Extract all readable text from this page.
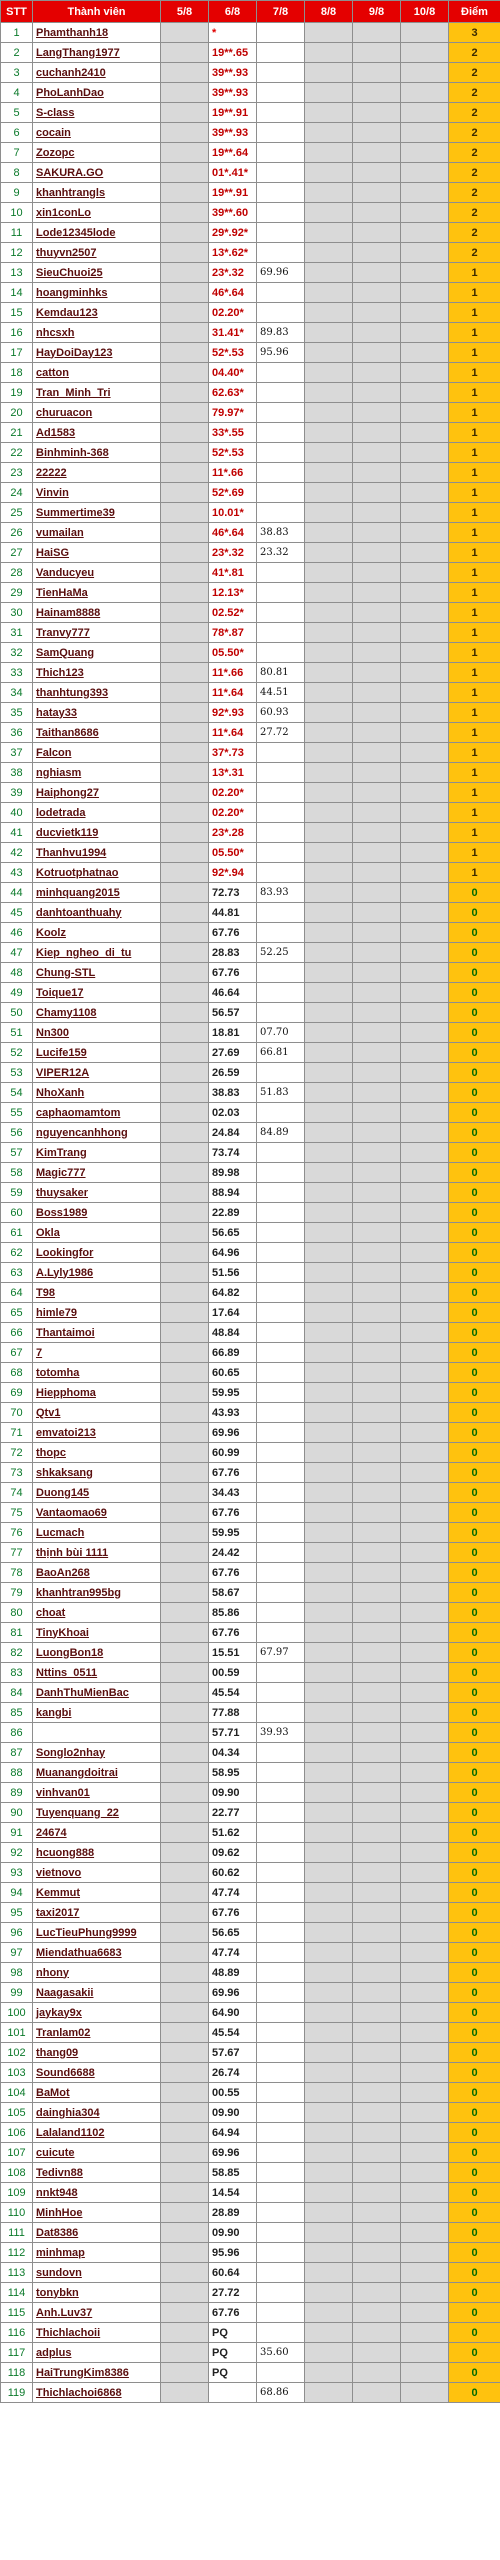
STT	Thành viên	5/8	6/8	7/8	8/8	9/8	10/8	Điểm
1	Phamthanh18		*					3
2	LangThang1977		19**.65					2
3	cuchanh2410		39**.93					2
4	PhoLanhDao		39**.93					2
5	S-class		19**.91					2
6	cocain		39**.93					2
7	Zozopc		19**.64					2
8	SAKURA.GO		01*.41*					2
9	khanhtrangls		19**.91					2
10	xin1conLo		39**.60					2
11	Lode12345lode		29*.92*					2
12	thuyvn2507		13*.62*					2
13	SieuChuoi25		23*.32	69.96				1
14	hoangminhks		46*.64					1
15	Kemdau123		02.20*					1
16	nhcsxh		31.41*	89.83				1
17	HayDoiDay123		52*.53	95.96				1
18	catton		04.40*					1
19	Tran_Minh_Tri		62.63*					1
20	churuacon		79.97*					1
21	Ad1583		33*.55					1
22	Binhminh-368		52*.53					1
23	22222		11*.66					1
24	Vinvin		52*.69					1
25	Summertime39		10.01*					1
26	vumailan		46*.64	38.83				1
27	HaiSG		23*.32	23.32				1
28	Vanducyeu		41*.81					1
29	TienHaMa		12.13*					1
30	Hainam8888		02.52*					1
31	Tranvy777		78*.87					1
32	SamQuang		05.50*					1
33	Thich123		11*.66	80.81				1
34	thanhtung393		11*.64	44.51				1
35	hatay33		92*.93	60.93				1
36	Taithan8686		11*.64	27.72				1
37	Falcon		37*.73					1
38	nghiasm		13*.31					1
39	Haiphong27		02.20*					1
40	lodetrada		02.20*					1
41	ducvietk119		23*.28					1
42	Thanhvu1994		05.50*					1
43	Kotruotphatnao		92*.94					1
44	minhquang2015		72.73	83.93				0
45	danhtoanthuahy		44.81					0
46	Koolz		67.76					0
47	Kiep_ngheo_di_tu		28.83	52.25				0
48	Chung-STL		67.76					0
49	Toique17		46.64					0
50	Chamy1108		56.57					0
51	Nn300		18.81	07.70				0
52	Lucife159		27.69	66.81				0
53	VIPER12A		26.59					0
54	NhoXanh		38.83	51.83				0
55	caphaomamtom		02.03					0
56	nguyencanhhong		24.84	84.89				0
57	KimTrang		73.74					0
58	Magic777		89.98					0
59	thuysaker		88.94					0
60	Boss1989		22.89					0
61	Okla		56.65					0
62	Lookingfor		64.96					0
63	A.Lyly1986		51.56					0
64	T98		64.82					0
65	himle79		17.64					0
66	Thantaimoi		48.84					0
67	7		66.89					0
68	totomha		60.65					0
69	Hiepphoma		59.95					0
70	Qtv1		43.93					0
71	emvatoi213		69.96					0
72	thopc		60.99					0
73	shkaksang		67.76					0
74	Duong145		34.43					0
75	Vantaomao69		67.76					0
76	Lucmach		59.95					0
77	thịnh bùi 1111		24.42					0
78	BaoAn268		67.76					0
79	khanhtran995bg		58.67					0
80	choat		85.86					0
81	TinyKhoai		67.76					0
82	LuongBon18		15.51	67.97				0
83	Nttins_0511		00.59					0
84	DanhThuMienBac		45.54					0
85	kangbi		77.88					0
86			57.71	39.93				0
87	Songlo2nhay		04.34					0
88	Muanangdoitrai		58.95					0
89	vinhvan01		09.90					0
90	Tuyenquang_22		22.77					0
91	24674		51.62					0
92	hcuong888		09.62					0
93	vietnovo		60.62					0
94	Kemmut		47.74					0
95	taxi2017		67.76					0
96	LucTieuPhung9999		56.65					0
97	Miendathua6683		47.74					0
98	nhony		48.89					0
99	Naagasakii		69.96					0
100	jaykay9x		64.90					0
101	Tranlam02		45.54					0
102	thang09		57.67					0
103	Sound6688		26.74					0
104	BaMot		00.55					0
105	dainghia304		09.90					0
106	Lalaland1102		64.94					0
107	cuicute		69.96					0
108	Tedivn88		58.85					0
109	nnkt948		14.54					0
110	MinhHoe		28.89					0
111	Dat8386		09.90					0
112	minhmap		95.96					0
113	sundovn		60.64					0
114	tonybkn		27.72					0
115	Anh.Luv37		67.76					0
116	Thichlachoii		PQ					0
117	adplus		PQ	35.60				0
118	HaiTrungKim8386		PQ					0
119	Thichlachoi6868			68.86				0
